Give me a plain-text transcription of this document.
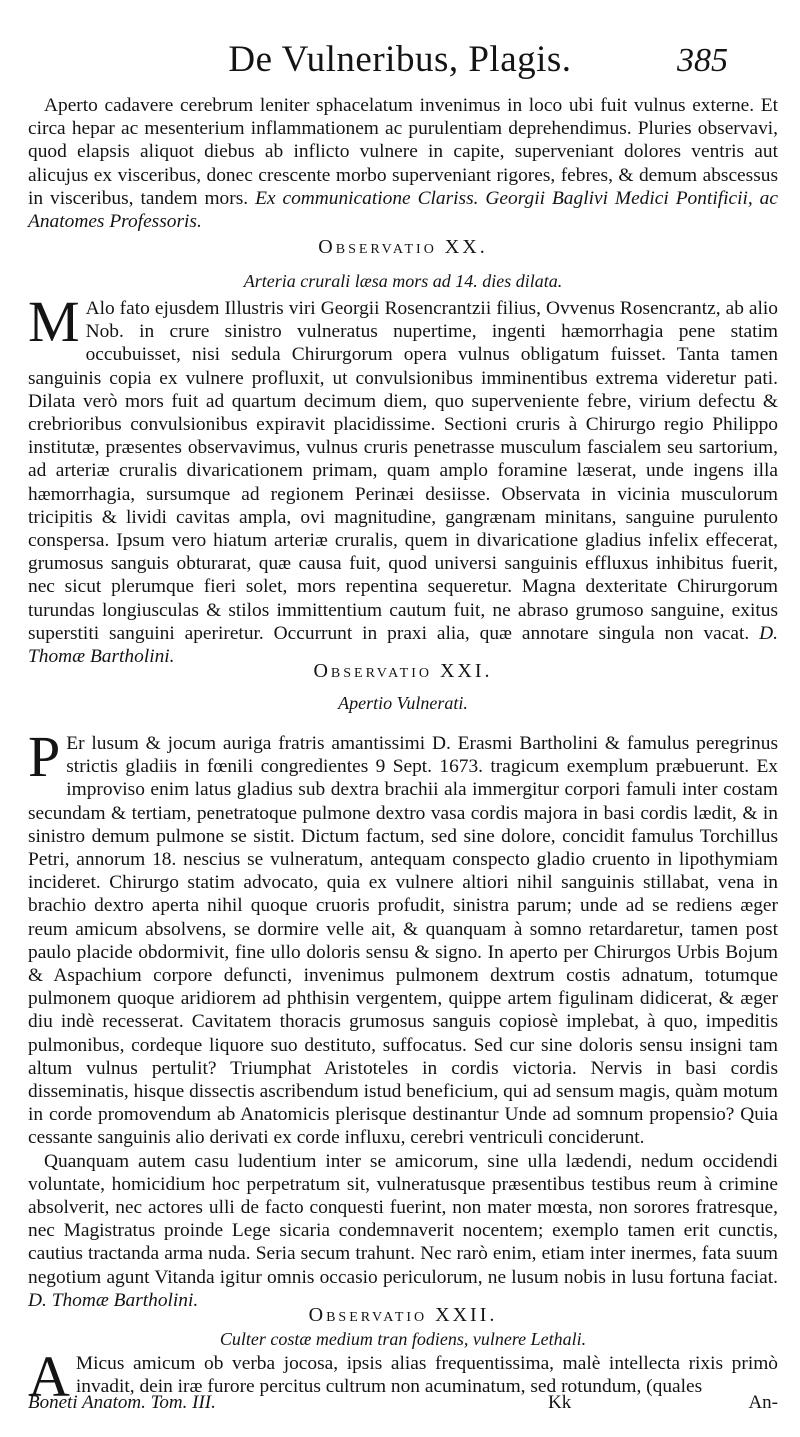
De Vulneribus, Plagis.	385

Aperto cadavere cerebrum leniter sphacelatum invenimus in loco ubi fuit vulnus externe. Et circa hepar ac mesenterium inflammationem ac purulentiam deprehendimus. Pluries observavi, quod elapsis aliquot diebus ab inflicto vulnere in capite, superveniant dolores ventris aut alicujus ex visceribus, donec crescente morbo superveniant rigores, febres, & demum abscessus in visceribus, tandem mors. Ex communicatione Clariss. Georgii Baglivi Medici Pontificii, ac Anatomes Professoris.

Observatio XX.

Arteria crurali læsa mors ad 14. dies dilata.

M Alo fato ejusdem Illustris viri Georgii Rosencrantzii filius, Ovvenus Rosencrantz, ab alio Nob. in crure sinistro vulneratus nupertime, ingenti hæmorrhagia pene statim occubuisset, nisi sedula Chirurgorum opera vulnus obligatum fuisset. Tanta tamen sanguinis copia ex vulnere profluxit, ut convulsionibus imminentibus extrema videretur pati. Dilata verò mors fuit ad quartum decimum diem, quo superveniente febre, virium defectu & crebrioribus convulsionibus expiravit placidissime. Sectioni cruris à Chirurgo regio Philippo institutæ, præsentes observavimus, vulnus cruris penetrasse musculum fascialem seu sartorium, ad arteriæ cruralis divaricationem primam, quam amplo foramine læserat, unde ingens illa hæmorrhagia, sursumque ad regionem Perinæi desiisse. Observata in vicinia musculorum tricipitis & lividi cavitas ampla, ovi magnitudine, gangrænam minitans, sanguine purulento conspersa. Ipsum vero hiatum arteriæ cruralis, quem in divaricatione gladius infelix effecerat, grumosus sanguis obturarat, quæ causa fuit, quod universi sanguinis effluxus inhibitus fuerit, nec sicut plerumque fieri solet, mors repentina sequeretur. Magna dexteritate Chirurgorum turundas longiusculas & stilos immittentium cautum fuit, ne abraso grumoso sanguine, exitus superstiti sanguini aperiretur. Occurrunt in praxi alia, quæ annotare singula non vacat. D. Thomæ Bartholini.

Observatio XXI.

Apertio Vulnerati.

P Er lusum & jocum auriga fratris amantissimi D. Erasmi Bartholini & famulus peregrinus strictis gladiis in fœnili congredientes 9 Sept. 1673. tragicum exemplum præbuerunt. Ex improviso enim latus gladius sub dextra brachii ala immergitur corpori famuli inter costam secundam & tertiam, penetratoque pulmone dextro vasa cordis majora in basi cordis lædit, & in sinistro demum pulmone se sistit. Dictum factum, sed sine dolore, concidit famulus Torchillus Petri, annorum 18. nescius se vulneratum, antequam conspecto gladio cruento in lipothymiam incideret. Chirurgo statim advocato, quia ex vulnere altiori nihil sanguinis stillabat, vena in brachio dextro aperta nihil quoque cruoris profudit, sinistra parum; unde ad se rediens æger reum amicum absolvens, se dormire velle ait, & quanquam à somno retardaretur, tamen post paulo placide obdormivit, fine ullo doloris sensu & signo. In aperto per Chirurgos Urbis Bojum & Aspachium corpore defuncti, invenimus pulmonem dextrum costis adnatum, totumque pulmonem quoque aridiorem ad phthisin vergentem, quippe artem figulinam didicerat, & æger diu indè recesserat. Cavitatem thoracis grumosus sanguis copiosè implebat, à quo, impeditis pulmonibus, cordeque liquore suo destituto, suffocatus. Sed cur sine doloris sensu insigni tam altum vulnus pertulit? Triumphat Aristoteles in cordis victoria. Nervis in basi cordis disseminatis, hisque dissectis ascribendum istud beneficium, qui ad sensum magis, quàm motum in corde promovendum ab Anatomicis plerisque destinantur Unde ad somnum propensio? Quia cessante sanguinis alio derivati ex corde influxu, cerebri ventriculi conciderunt.

Quanquam autem casu ludentium inter se amicorum, sine ulla lædendi, nedum occidendi voluntate, homicidium hoc perpetratum sit, vulneratusque præsentibus testibus reum à crimine absolverit, nec actores ulli de facto conquesti fuerint, non mater mœsta, non sorores fratresque, nec Magistratus proinde Lege sicaria condemnaverit nocentem; exemplo tamen erit cunctis, cautius tractanda arma nuda. Seria secum trahunt. Nec rarò enim, etiam inter inermes, fata suum negotium agunt Vitanda igitur omnis occasio periculorum, ne lusum nobis in lusu fortuna faciat. D. Thomæ Bartholini.

Observatio XXII.

Culter costæ medium tran fodiens, vulnere Lethali.

A Micus amicum ob verba jocosa, ipsis alias frequentissima, malè intellecta rixis primò invadit, dein iræ furore percitus cultrum non acuminatum, sed rotundum, (quales

Boneti Anatom. Tom. III.	Kk	An-
